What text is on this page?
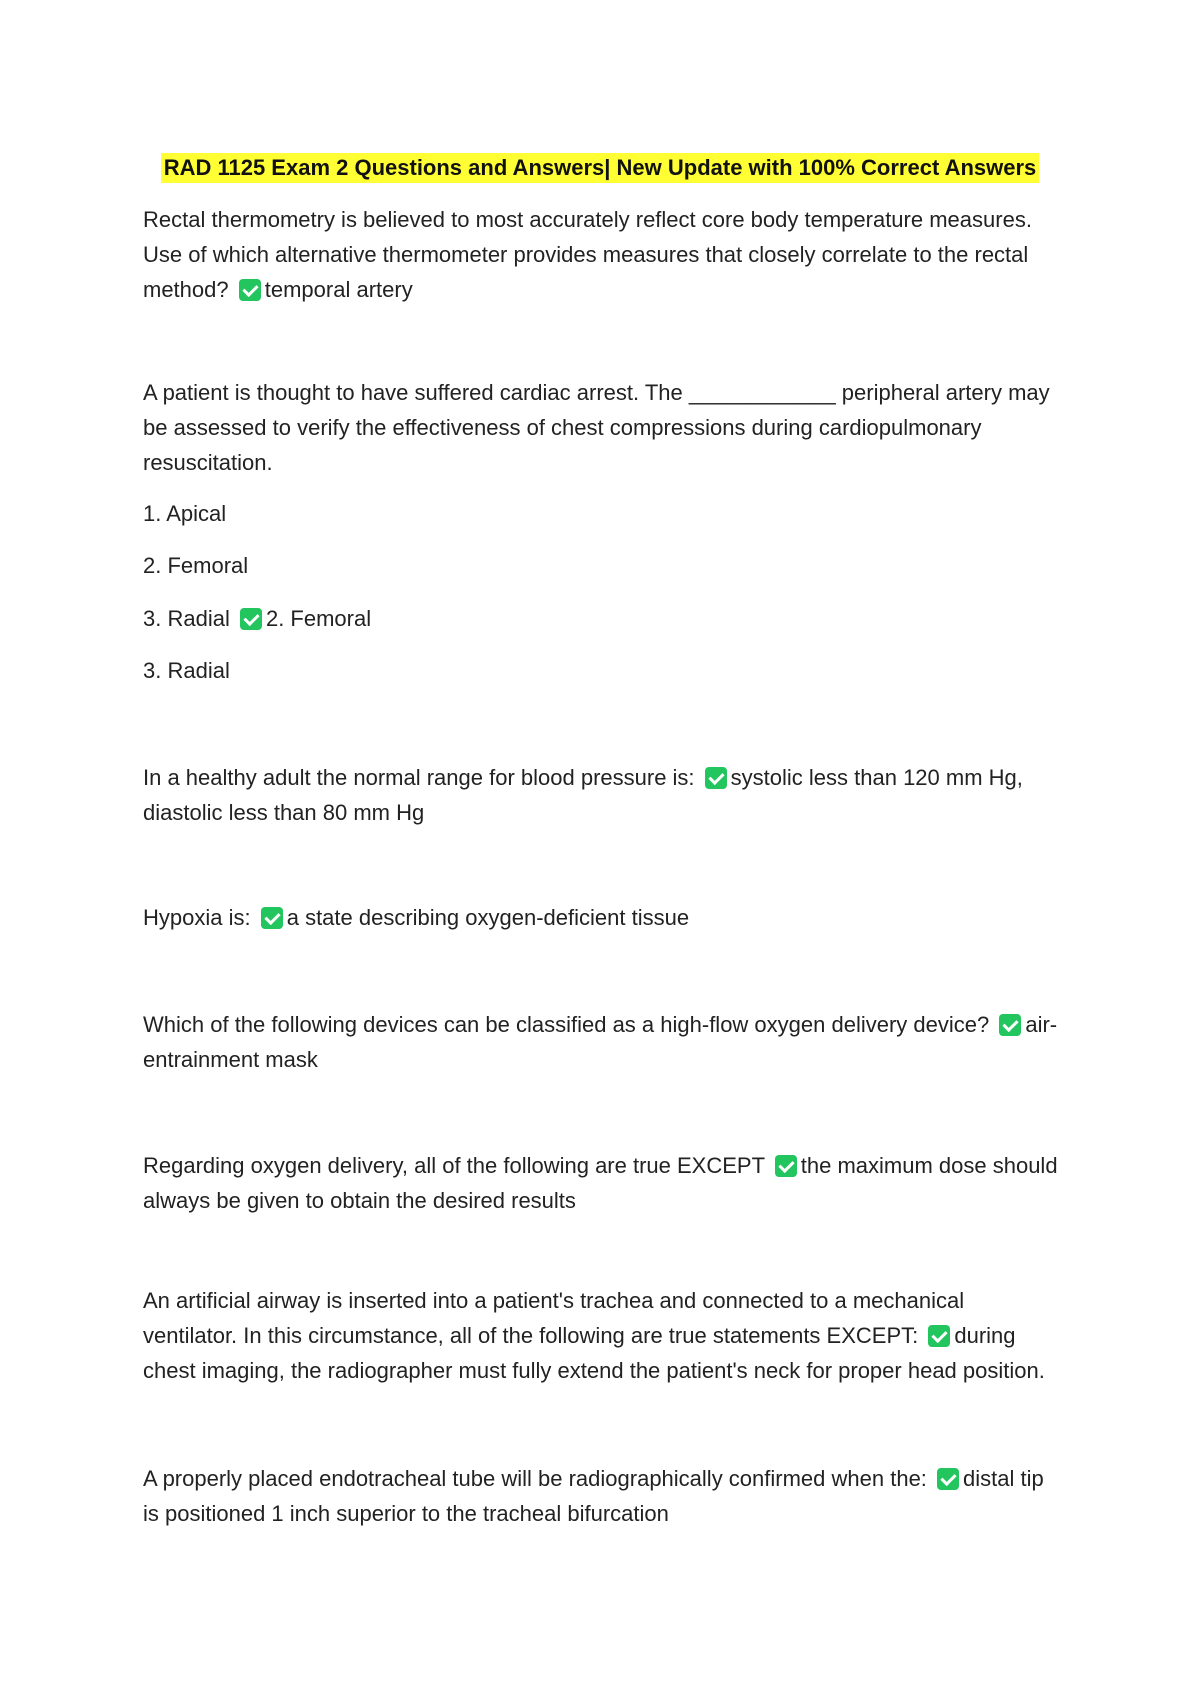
RAD 1125 Exam 2 Questions and Answers| New Update with 100% Correct Answers
Rectal thermometry is believed to most accurately reflect core body temperature measures. Use of which alternative thermometer provides measures that closely correlate to the rectal method? temporal artery
A patient is thought to have suffered cardiac arrest. The ____________ peripheral artery may be assessed to verify the effectiveness of chest compressions during cardiopulmonary resuscitation.
1. Apical
2. Femoral
3. Radial 2. Femoral
3. Radial
In a healthy adult the normal range for blood pressure is: systolic less than 120 mm Hg, diastolic less than 80 mm Hg
Hypoxia is: a state describing oxygen-deficient tissue
Which of the following devices can be classified as a high-flow oxygen delivery device? air-entrainment mask
Regarding oxygen delivery, all of the following are true EXCEPT the maximum dose should always be given to obtain the desired results
An artificial airway is inserted into a patient's trachea and connected to a mechanical ventilator. In this circumstance, all of the following are true statements EXCEPT: during chest imaging, the radiographer must fully extend the patient's neck for proper head position.
A properly placed endotracheal tube will be radiographically confirmed when the: distal tip is positioned 1 inch superior to the tracheal bifurcation
